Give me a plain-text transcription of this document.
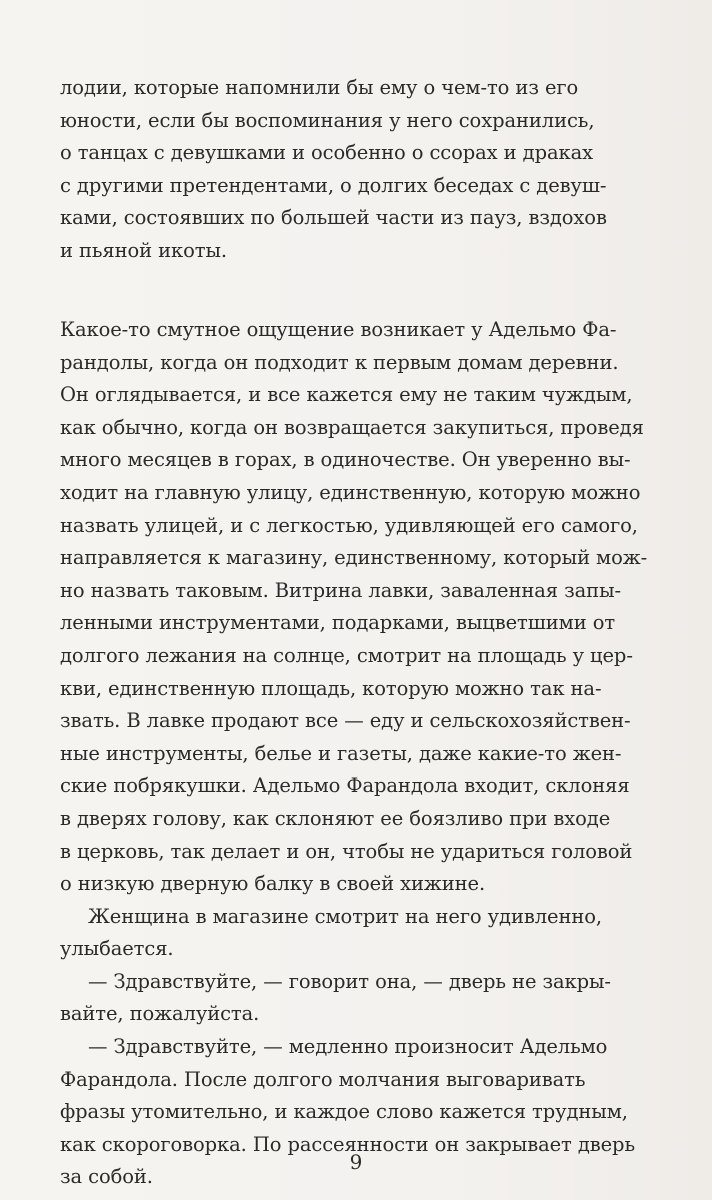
лодии, которые напомнили бы ему о чем-то из его
юности, если бы воспоминания у него сохранились,
о танцах с девушками и особенно о ссорах и драках
с другими претендентами, о долгих беседах с девуш-
ками, состоявших по большей части из пауз, вздохов
и пьяной икоты.
Какое-то смутное ощущение возникает у Адельмо Фа-
рандолы, когда он подходит к первым домам деревни.
Он оглядывается, и все кажется ему не таким чуждым,
как обычно, когда он возвращается закупиться, проведя
много месяцев в горах, в одиночестве. Он уверенно вы-
ходит на главную улицу, единственную, которую можно
назвать улицей, и с легкостью, удивляющей его самого,
направляется к магазину, единственному, который мож-
но назвать таковым. Витрина лавки, заваленная запы-
ленными инструментами, подарками, выцветшими от
долгого лежания на солнце, смотрит на площадь у цер-
кви, единственную площадь, которую можно так на-
звать. В лавке продают все — еду и сельскохозяйствен-
ные инструменты, белье и газеты, даже какие-то жен-
ские побрякушки. Адельмо Фарандола входит, склоняя
в дверях голову, как склоняют ее боязливо при входе
в церковь, так делает и он, чтобы не удариться головой
о низкую дверную балку в своей хижине.
Женщина в магазине смотрит на него удивленно,
улыбается.
— Здравствуйте, — говорит она, — дверь не закры-
вайте, пожалуйста.
— Здравствуйте, — медленно произносит Адельмо
Фарандола. После долгого молчания выговаривать
фразы утомительно, и каждое слово кажется трудным,
как скороговорка. По рассеянности он закрывает дверь
за собой.
9
